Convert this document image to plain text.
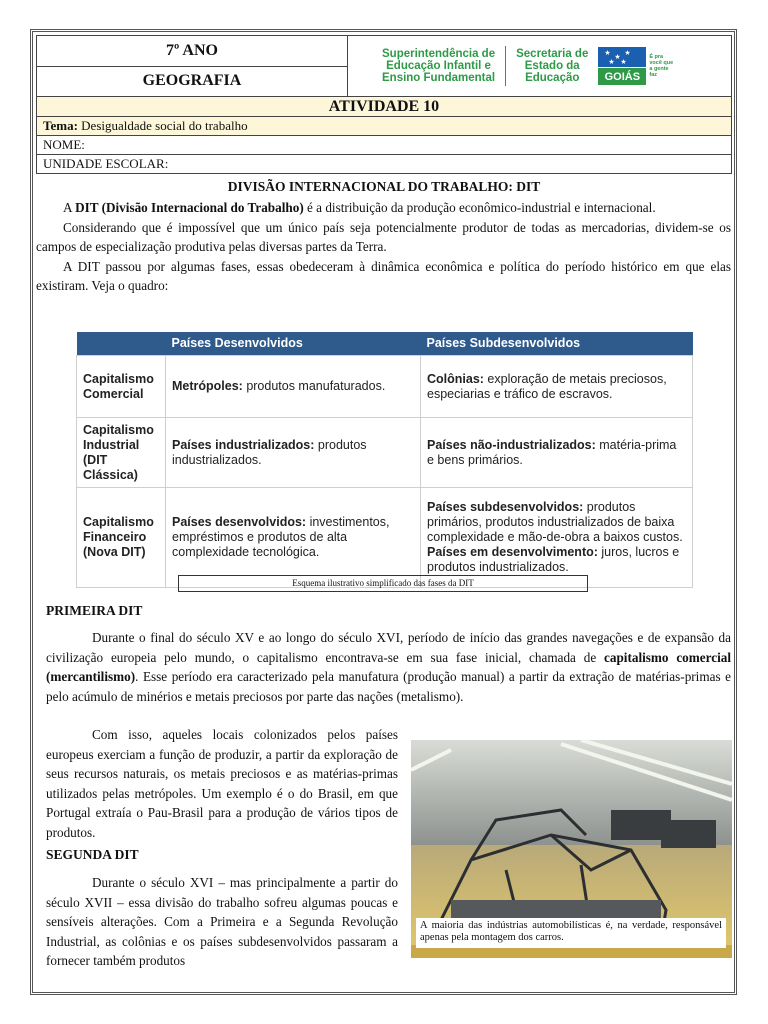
7º ANO
GEOGRAFIA
Superintendência de
Educação Infantil e
Ensino Fundamental
Secretaria de
Estado da
Educação
★ ★ ★
★ ★
GOIÁS
É pra você que a gente faz
ATIVIDADE 10
Tema: Desigualdade social do trabalho
NOME:
UNIDADE ESCOLAR:
DIVISÃO INTERNACIONAL DO TRABALHO: DIT

A DIT (Divisão Internacional do Trabalho) é a distribuição da produção econômico-industrial e internacional.

Considerando que é impossível que um único país seja potencialmente produtor de todas as mercadorias, dividem-se os campos de especialização produtiva pelas diversas partes da Terra.

A DIT passou por algumas fases, essas obedeceram à dinâmica econômica e política do período histórico em que elas existiram. Veja o quadro:

	Países Desenvolvidos	Países Subdesenvolvidos
Capitalismo Comercial	Metrópoles: produtos manufaturados.	Colônias: exploração de metais preciosos, especiarias e tráfico de escravos.
Capitalismo Industrial (DIT Clássica)	Países industrializados: produtos industrializados.	Países não-industrializados: matéria-prima e bens primários.
Capitalismo Financeiro (Nova DIT)	Países desenvolvidos: investimentos, empréstimos e produtos de alta complexidade tecnológica.	Países subdesenvolvidos: produtos primários, produtos industrializados de baixa complexidade e mão-de-obra a baixos custos.
Países em desenvolvimento: juros, lucros e produtos industrializados.
Esquema ilustrativo simplificado das fases da DIT
PRIMEIRA DIT

Durante o final do século XV e ao longo do século XVI, período de início das grandes navegações e de expansão da civilização europeia pelo mundo, o capitalismo encontrava-se em sua fase inicial, chamada de capitalismo comercial (mercantilismo). Esse período era caracterizado pela manufatura (produção manual) a partir da extração de matérias-primas e pelo acúmulo de minérios e metais preciosos por parte das nações (metalismo).

Com isso, aqueles locais colonizados pelos países europeus exerciam a função de produzir, a partir da exploração de seus recursos naturais, os metais preciosos e as matérias-primas utilizados pelas metrópoles. Um exemplo é o do Brasil, em que Portugal extraía o Pau-Brasil para a produção de vários tipos de produtos.

SEGUNDA DIT

Durante o século XVI – mas principalmente a partir do século XVII – essa divisão do trabalho sofreu algumas poucas e sensíveis alterações. Com a Primeira e a Segunda Revolução Industrial, as colônias e os países subdesenvolvidos passaram a fornecer também produtos

A maioria das indústrias automobilísticas é, na verdade, responsável apenas pela montagem dos carros.
